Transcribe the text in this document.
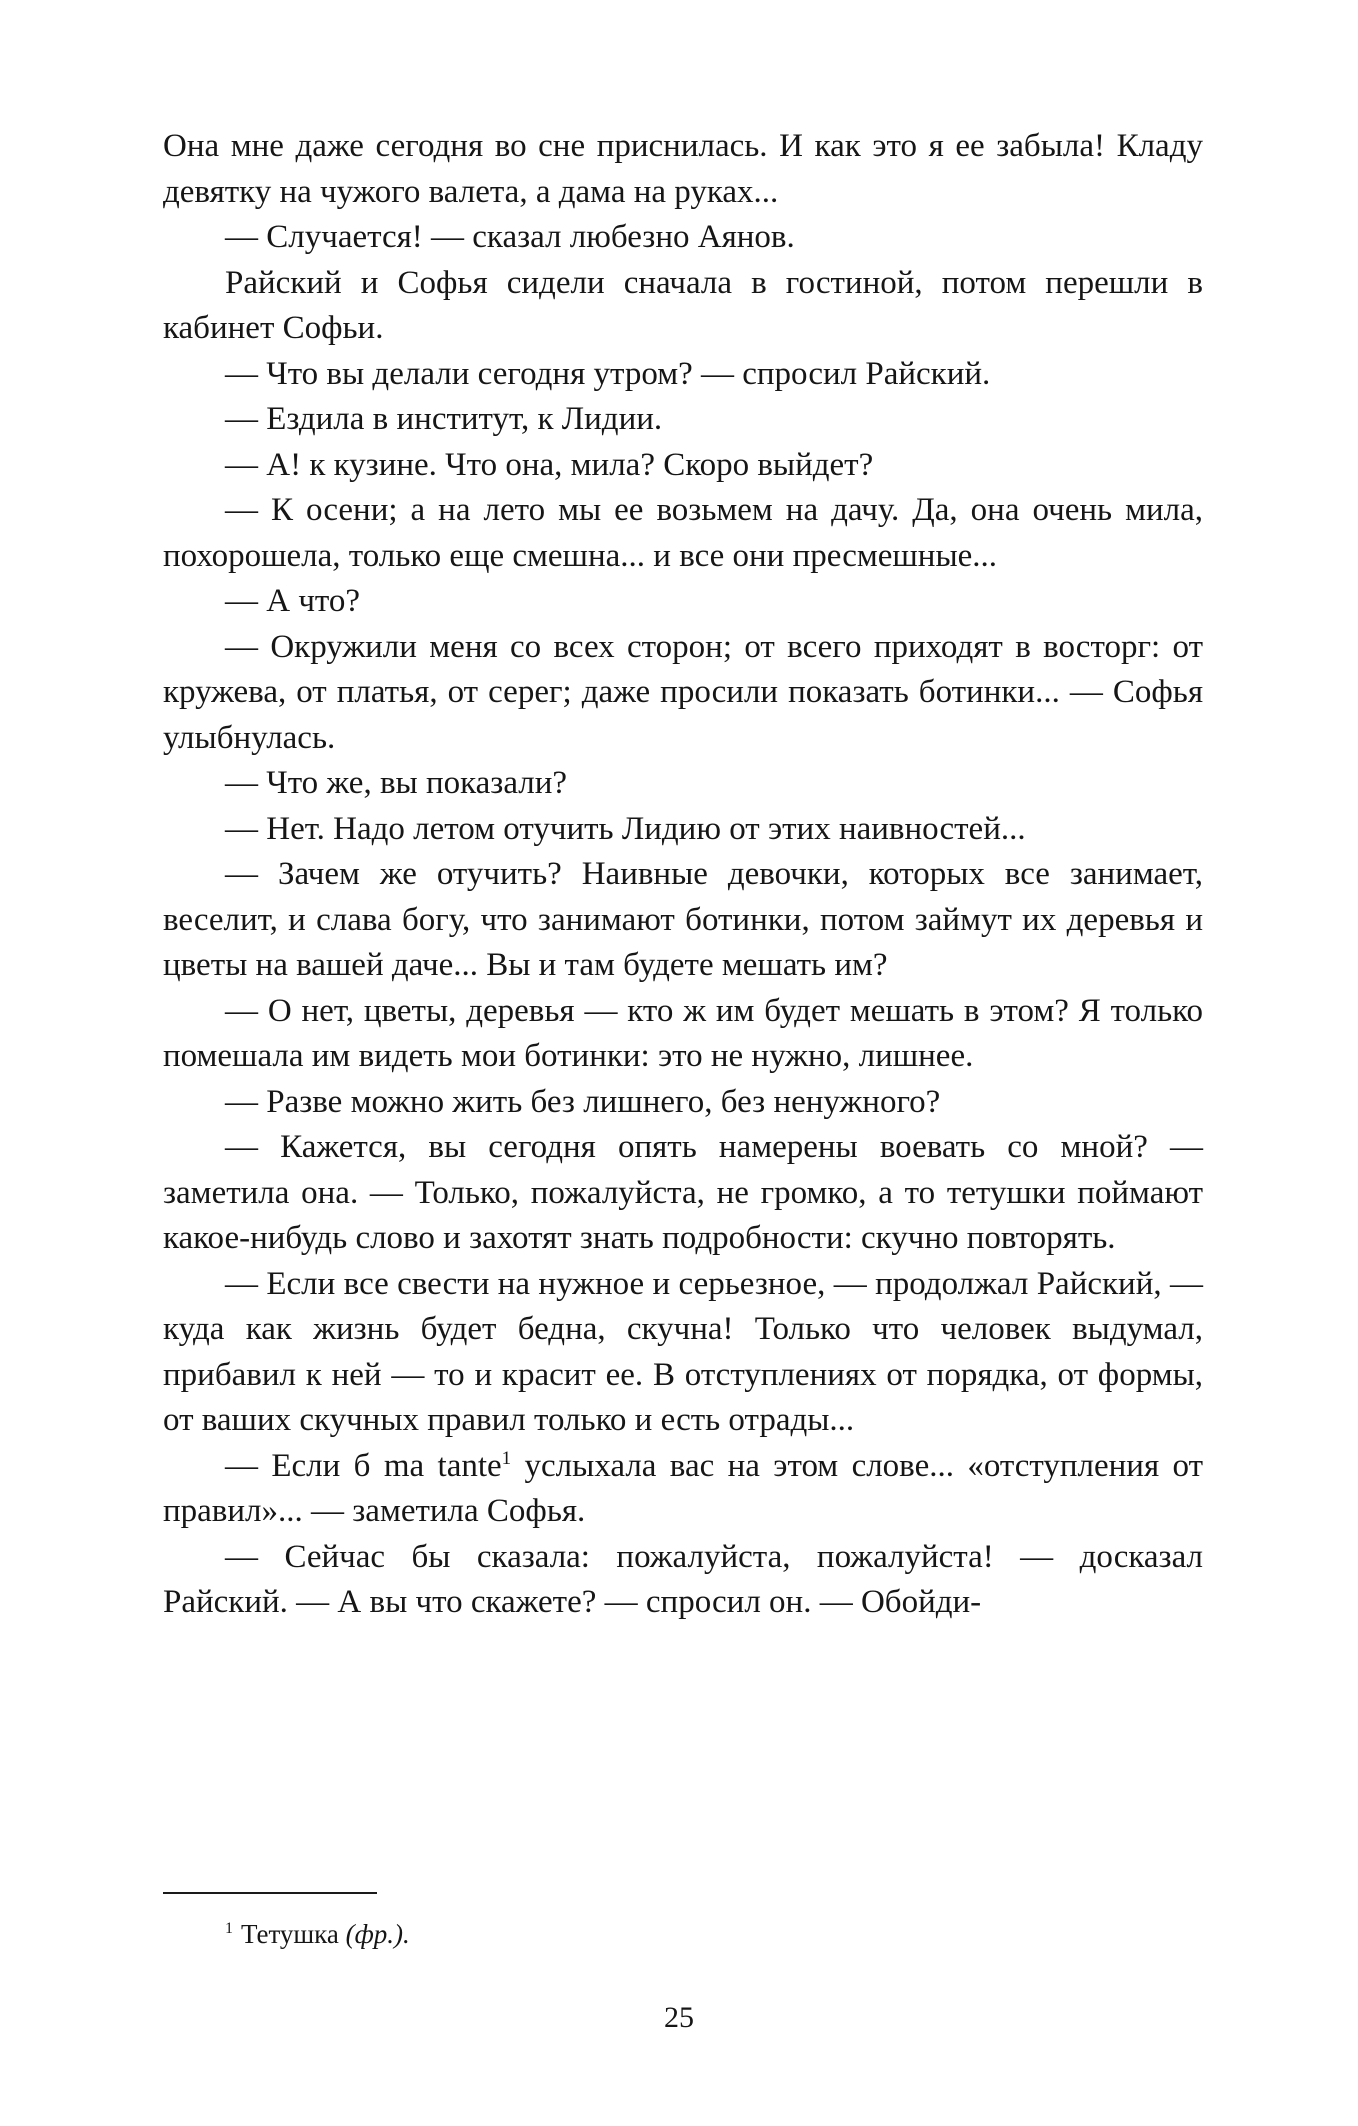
Она мне даже сегодня во сне приснилась. И как это я ее забыла! Кладу девятку на чужого валета, а дама на руках...

— Случается! — сказал любезно Аянов.

Райский и Софья сидели сначала в гостиной, потом перешли в кабинет Софьи.

— Что вы делали сегодня утром? — спросил Райский.

— Ездила в институт, к Лидии.

— А! к кузине. Что она, мила? Скоро выйдет?

— К осени; а на лето мы ее возьмем на дачу. Да, она очень мила, похорошела, только еще смешна... и все они пресмешные...

— А что?

— Окружили меня со всех сторон; от всего приходят в восторг: от кружева, от платья, от серег; даже просили показать ботинки... — Софья улыбнулась.

— Что же, вы показали?

— Нет. Надо летом отучить Лидию от этих наивностей...

— Зачем же отучить? Наивные девочки, которых все занимает, веселит, и слава богу, что занимают ботинки, потом займут их деревья и цветы на вашей даче... Вы и там будете мешать им?

— О нет, цветы, деревья — кто ж им будет мешать в этом? Я только помешала им видеть мои ботинки: это не нужно, лишнее.

— Разве можно жить без лишнего, без ненужного?

— Кажется, вы сегодня опять намерены воевать со мной? — заметила она. — Только, пожалуйста, не громко, а то тетушки поймают какое-нибудь слово и захотят знать подробности: скучно повторять.

— Если все свести на нужное и серьезное, — продолжал Райский, — куда как жизнь будет бедна, скучна! Только что человек выдумал, прибавил к ней — то и красит ее. В отступлениях от порядка, от формы, от ваших скучных правил только и есть отрады...

— Если б ma tante$^1$ услыхала вас на этом слове... «отступления от правил»... — заметила Софья.

— Сейчас бы сказала: пожалуйста, пожалуйста! — досказал Райский. — А вы что скажете? — спросил он. — Обойди-

$^1$ Тетушка (фр.).
25
